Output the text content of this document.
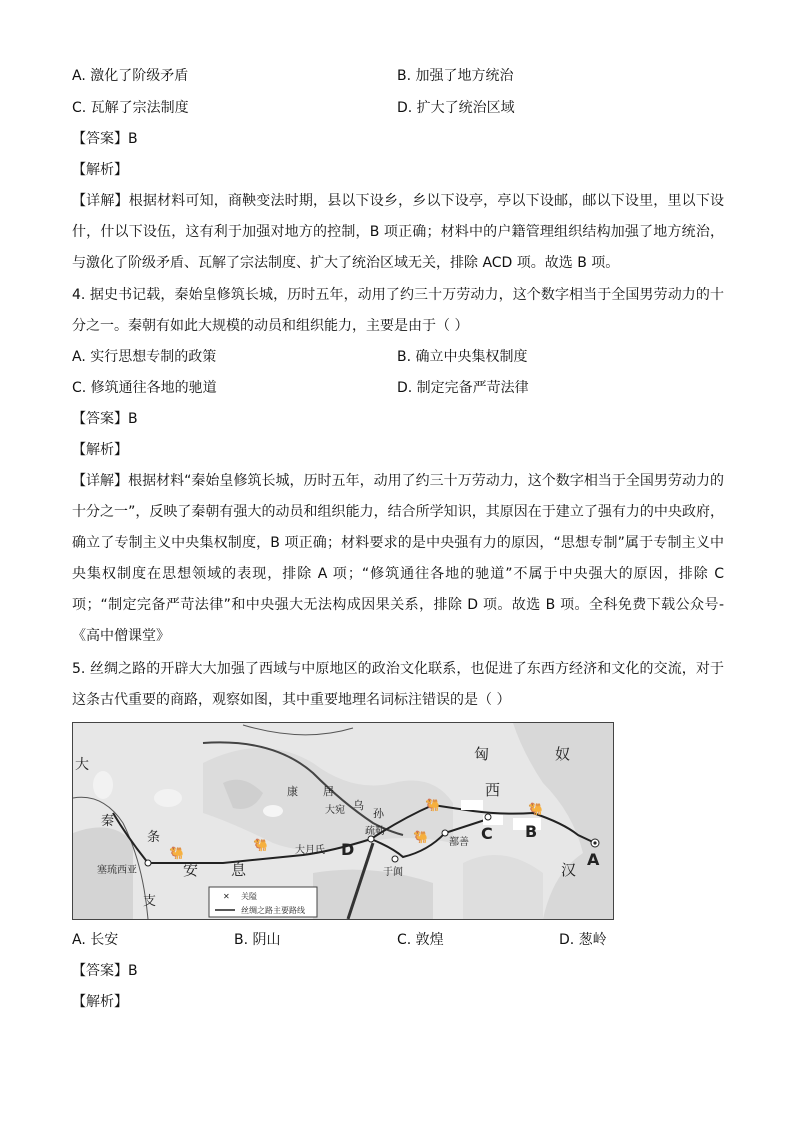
A. 激化了阶级矛盾	B. 加强了地方统治
C. 瓦解了宗法制度	D. 扩大了统治区域
【答案】B
【解析】
【详解】根据材料可知，商鞅变法时期，县以下设乡，乡以下设亭，亭以下设邮，邮以下设里，里以下设什，什以下设伍，这有利于加强对地方的控制，B 项正确；材料中的户籍管理组织结构加强了地方统治，与激化了阶级矛盾、瓦解了宗法制度、扩大了统治区域无关，排除 ACD 项。故选 B 项。
4. 据史书记载，秦始皇修筑长城，历时五年，动用了约三十万劳动力，这个数字相当于全国男劳动力的十分之一。秦朝有如此大规模的动员和组织能力，主要是由于（ ）
A. 实行思想专制的政策	B. 确立中央集权制度
C. 修筑通往各地的驰道	D. 制定完备严苛法律
【答案】B
【解析】
【详解】根据材料“秦始皇修筑长城，历时五年，动用了约三十万劳动力，这个数字相当于全国男劳动力的十分之一”，反映了秦朝有强大的动员和组织能力，结合所学知识，其原因在于建立了强有力的中央政府，确立了专制主义中央集权制度，B 项正确；材料要求的是中央强有力的原因，“思想专制”属于专制主义中央集权制度在思想领域的表现，排除 A 项；“修筑通往各地的驰道”不属于中央强大的原因，排除 C 项；“制定完备严苛法律”和中央强大无法构成因果关系，排除 D 项。故选 B 项。全科免费下载公众号-《高中僧课堂》
5. 丝绸之路的开辟大大加强了西域与中原地区的政治文化联系，也促进了东西方经济和文化的交流，对于这条古代重要的商路，观察如图，其中重要地理名词标注错误的是（ ）
🐫
🐫
🐫
🐫	🐫
大
秦
条
支
安 息
匈	奴
康 居
乌
孙
大宛
疏勒
大月氏
于阗
鄯善
西
汉
塞琉西亚
A
B
C
D
✕ 关隘
丝绸之路主要路线
A. 长安	B. 阴山	C. 敦煌	D. 葱岭
【答案】B
【解析】
